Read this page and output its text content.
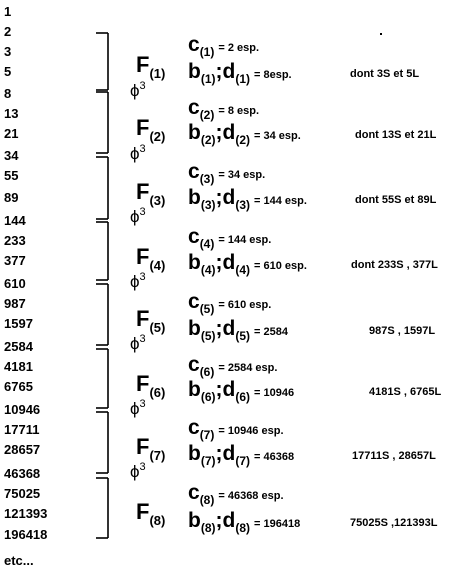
1
2
3
5
8
13
21
34
55
89
144
233
377
610
987
1597
2584
4181
6765
10946
17711
28657
46368
75025
121393
196418
etc...
$F_{(1)}$
$\phi^3$
$c_{(1)} = 2$ esp.
$b_{(1)};d_{(1)} = 8esp$.	dont 3S et 5L
$F_{(2)}$
$\phi^3$
$c_{(2)} = 8$ esp.
$b_{(2)};d_{(2)} = 34$ esp.	dont 13S et 21L
$F_{(3)}$
$\phi^3$
$c_{(3)} = 34$ esp.
$b_{(3)};d_{(3)} = 144$ esp.	dont 55S et 89L
$F_{(4)}$
$\phi^3$
$c_{(4)} = 144$ esp.
$b_{(4)};d_{(4)} = 610$ esp.	dont 233S , 377L
$F_{(5)}$
$\phi^3$
$c_{(5)} = 610$ esp.
$b_{(5)};d_{(5)} = 2584$	987S , 1597L
$F_{(6)}$
$\phi^3$
$c_{(6)} = 2584$ esp.
$b_{(6)};d_{(6)} = 10946$	4181S , 6765L
$F_{(7)}$
$\phi^3$
$c_{(7)} = 10946$ esp.
$b_{(7)};d_{(7)} = 46368$	17711S , 28657L
$F_{(8)}$
$c_{(8)} = 46368$ esp.
$b_{(8)};d_{(8)} = 196418$	75025S ,121393L
